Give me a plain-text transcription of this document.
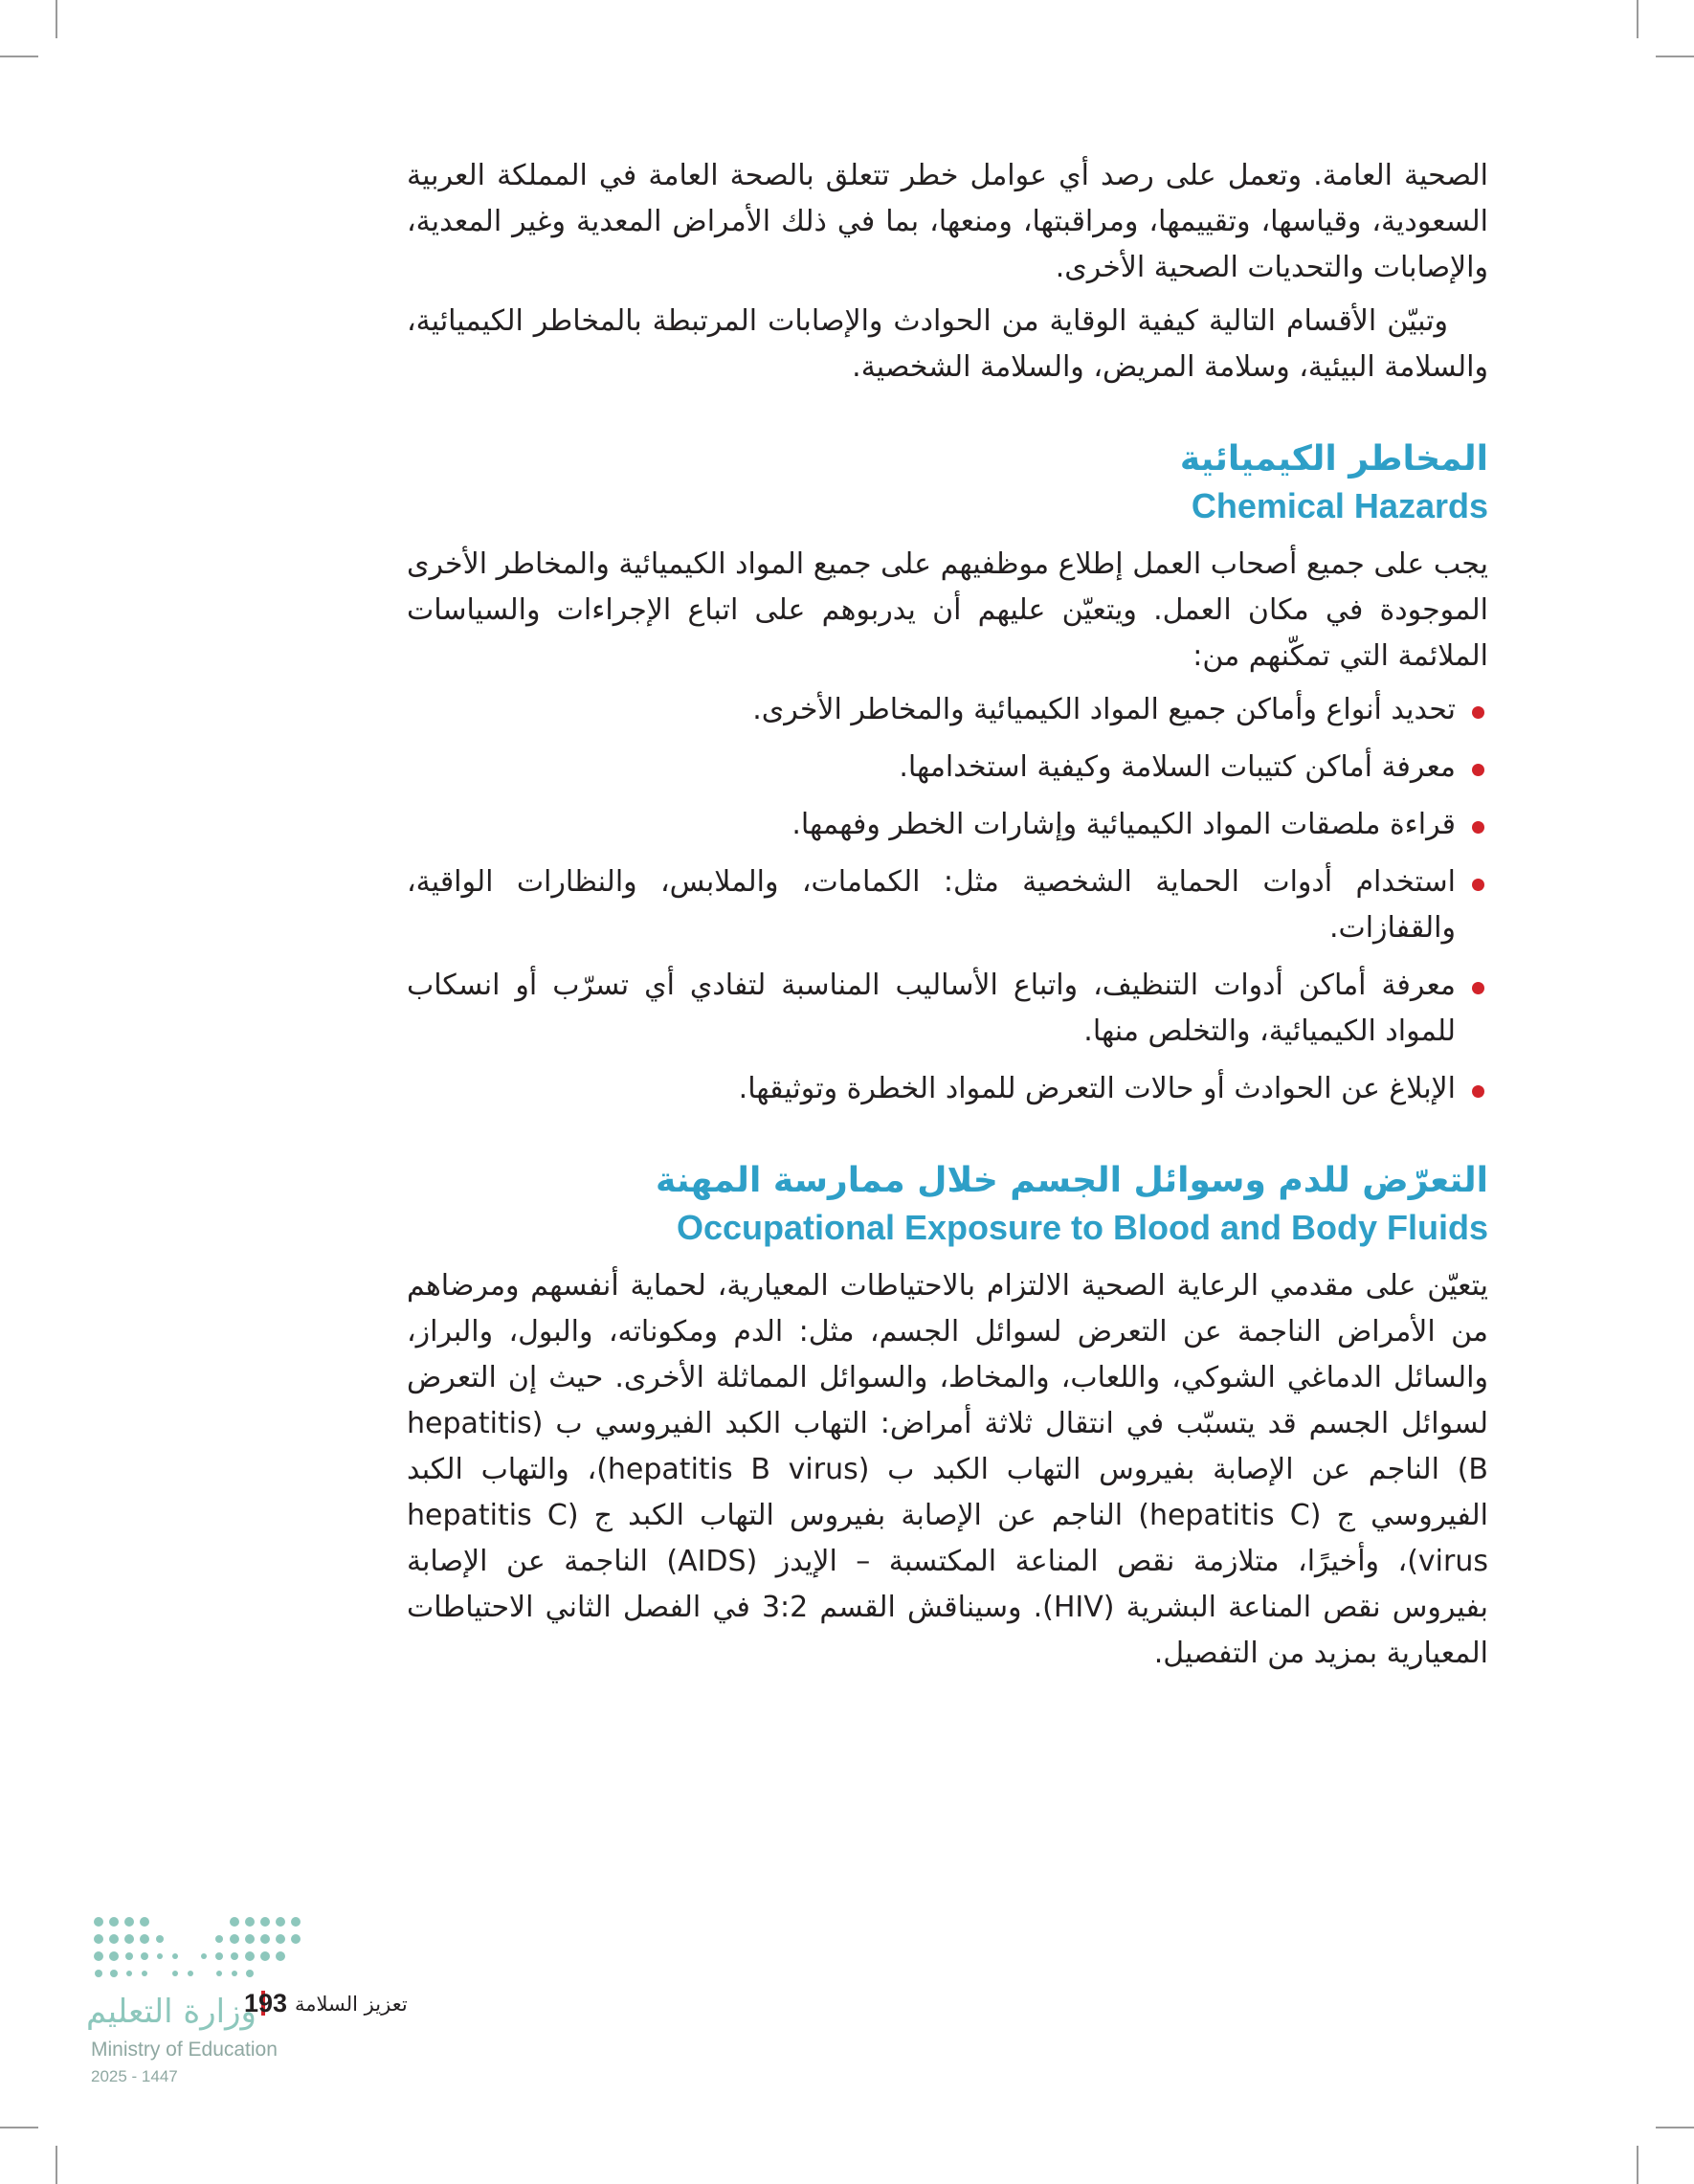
الصحية العامة. وتعمل على رصد أي عوامل خطر تتعلق بالصحة العامة في المملكة العربية السعودية، وقياسها، وتقييمها، ومراقبتها، ومنعها، بما في ذلك الأمراض المعدية وغير المعدية، والإصابات والتحديات الصحية الأخرى.

وتبيّن الأقسام التالية كيفية الوقاية من الحوادث والإصابات المرتبطة بالمخاطر الكيميائية، والسلامة البيئية، وسلامة المريض، والسلامة الشخصية.

المخاطر الكيميائية
Chemical Hazards

يجب على جميع أصحاب العمل إطلاع موظفيهم على جميع المواد الكيميائية والمخاطر الأخرى الموجودة في مكان العمل. ويتعيّن عليهم أن يدربوهم على اتباع الإجراءات والسياسات الملائمة التي تمكّنهم من:

تحديد أنواع وأماكن جميع المواد الكيميائية والمخاطر الأخرى.
معرفة أماكن كتيبات السلامة وكيفية استخدامها.
قراءة ملصقات المواد الكيميائية وإشارات الخطر وفهمها.
استخدام أدوات الحماية الشخصية مثل: الكمامات، والملابس، والنظارات الواقية، والقفازات.
معرفة أماكن أدوات التنظيف، واتباع الأساليب المناسبة لتفادي أي تسرّب أو انسكاب للمواد الكيميائية، والتخلص منها.
الإبلاغ عن الحوادث أو حالات التعرض للمواد الخطرة وتوثيقها.
التعرّض للدم وسوائل الجسم خلال ممارسة المهنة
Occupational Exposure to Blood and Body Fluids

يتعيّن على مقدمي الرعاية الصحية الالتزام بالاحتياطات المعيارية، لحماية أنفسهم ومرضاهم من الأمراض الناجمة عن التعرض لسوائل الجسم، مثل: الدم ومكوناته، والبول، والبراز، والسائل الدماغي الشوكي، واللعاب، والمخاط، والسوائل المماثلة الأخرى. حيث إن التعرض لسوائل الجسم قد يتسبّب في انتقال ثلاثة أمراض: التهاب الكبد الفيروسي ب (hepatitis B) الناجم عن الإصابة بفيروس التهاب الكبد ب (hepatitis B virus)، والتهاب الكبد الفيروسي ج (hepatitis C) الناجم عن الإصابة بفيروس التهاب الكبد ج (hepatitis C virus)، وأخيرًا، متلازمة نقص المناعة المكتسبة – الإيدز (AIDS) الناجمة عن الإصابة بفيروس نقص المناعة البشرية (HIV). وسيناقش القسم 3:2 في الفصل الثاني الاحتياطات المعيارية بمزيد من التفصيل.

وزارة التعليم
193 تعزيز السلامة
Ministry of Education
2025 - 1447
